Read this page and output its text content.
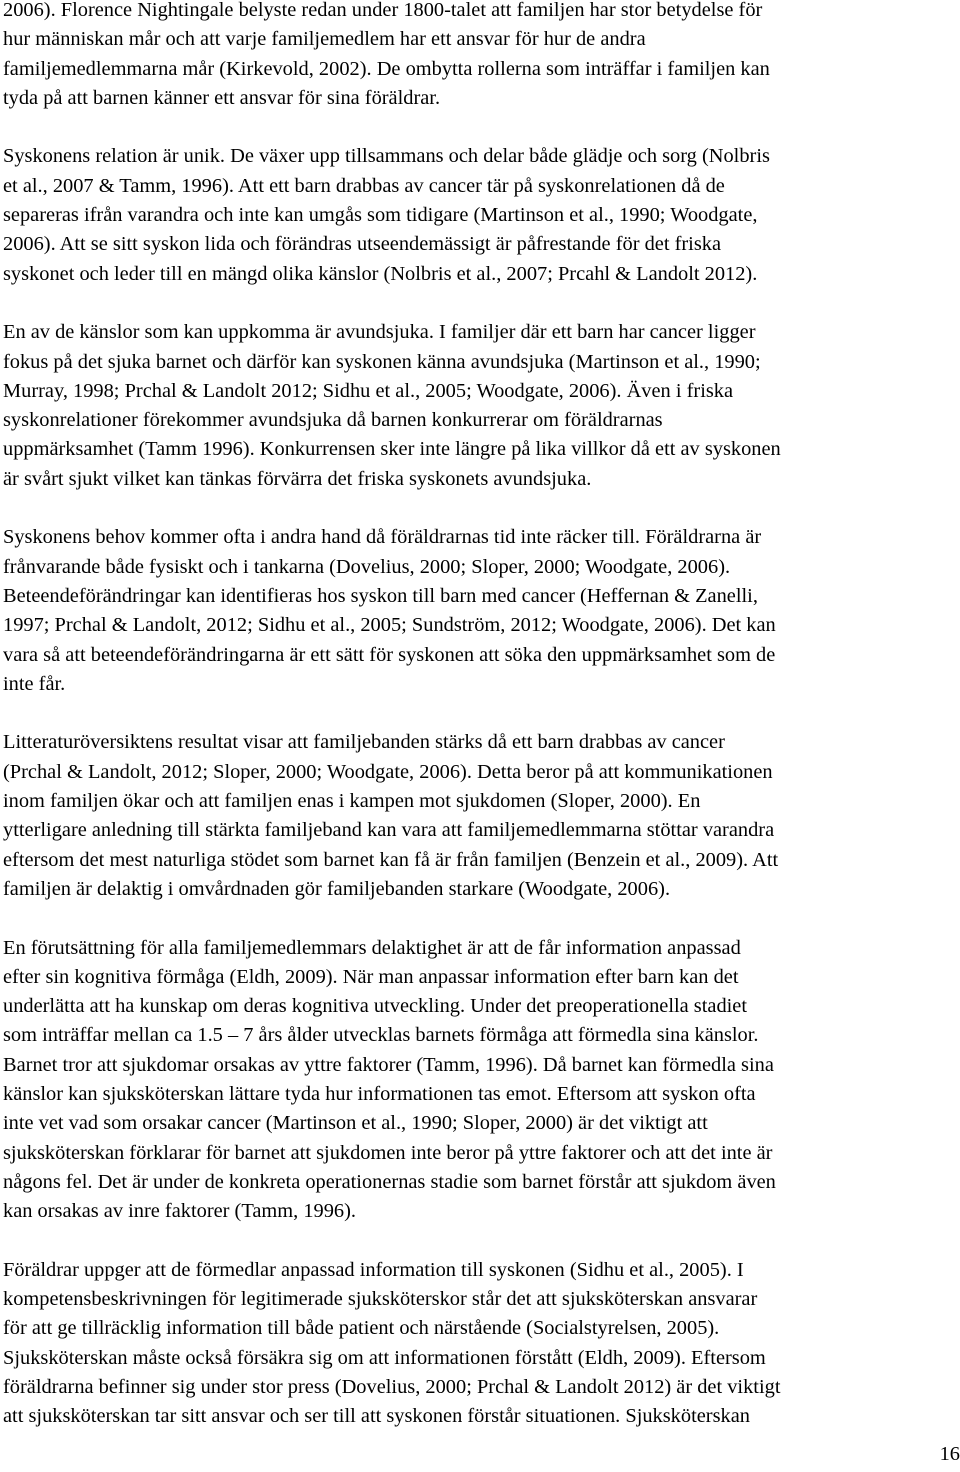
2006). Florence Nightingale belyste redan under 1800-talet att familjen har stor betydelse för
hur människan mår och att varje familjemedlem har ett ansvar för hur de andra
familjemedlemmarna mår (Kirkevold, 2002). De ombytta rollerna som inträffar i familjen kan
tyda på att barnen känner ett ansvar för sina föräldrar.

Syskonens relation är unik. De växer upp tillsammans och delar både glädje och sorg (Nolbris
et al., 2007 & Tamm, 1996). Att ett barn drabbas av cancer tär på syskonrelationen då de
separeras ifrån varandra och inte kan umgås som tidigare (Martinson et al., 1990; Woodgate,
2006). Att se sitt syskon lida och förändras utseendemässigt är påfrestande för det friska
syskonet och leder till en mängd olika känslor (Nolbris et al., 2007; Prcahl & Landolt 2012).

En av de känslor som kan uppkomma är avundsjuka. I familjer där ett barn har cancer ligger
fokus på det sjuka barnet och därför kan syskonen känna avundsjuka (Martinson et al., 1990;
Murray, 1998; Prchal & Landolt 2012; Sidhu et al., 2005; Woodgate, 2006). Även i friska
syskonrelationer förekommer avundsjuka då barnen konkurrerar om föräldrarnas
uppmärksamhet (Tamm 1996). Konkurrensen sker inte längre på lika villkor då ett av syskonen
är svårt sjukt vilket kan tänkas förvärra det friska syskonets avundsjuka.

Syskonens behov kommer ofta i andra hand då föräldrarnas tid inte räcker till. Föräldrarna är
frånvarande både fysiskt och i tankarna (Dovelius, 2000; Sloper, 2000; Woodgate, 2006).
Beteendeförändringar kan identifieras hos syskon till barn med cancer (Heffernan & Zanelli,
1997; Prchal & Landolt, 2012; Sidhu et al., 2005; Sundström, 2012; Woodgate, 2006). Det kan
vara så att beteendeförändringarna är ett sätt för syskonen att söka den uppmärksamhet som de
inte får.

Litteraturöversiktens resultat visar att familjebanden stärks då ett barn drabbas av cancer
(Prchal & Landolt, 2012; Sloper, 2000; Woodgate, 2006). Detta beror på att kommunikationen
inom familjen ökar och att familjen enas i kampen mot sjukdomen (Sloper, 2000). En
ytterligare anledning till stärkta familjeband kan vara att familjemedlemmarna stöttar varandra
eftersom det mest naturliga stödet som barnet kan få är från familjen (Benzein et al., 2009). Att
familjen är delaktig i omvårdnaden gör familjebanden starkare (Woodgate, 2006).

En förutsättning för alla familjemedlemmars delaktighet är att de får information anpassad
efter sin kognitiva förmåga (Eldh, 2009). När man anpassar information efter barn kan det
underlätta att ha kunskap om deras kognitiva utveckling. Under det preoperationella stadiet
som inträffar mellan ca 1.5 – 7 års ålder utvecklas barnets förmåga att förmedla sina känslor.
Barnet tror att sjukdomar orsakas av yttre faktorer (Tamm, 1996). Då barnet kan förmedla sina
känslor kan sjuksköterskan lättare tyda hur informationen tas emot. Eftersom att syskon ofta
inte vet vad som orsakar cancer (Martinson et al., 1990; Sloper, 2000) är det viktigt att
sjuksköterskan förklarar för barnet att sjukdomen inte beror på yttre faktorer och att det inte är
någons fel. Det är under de konkreta operationernas stadie som barnet förstår att sjukdom även
kan orsakas av inre faktorer (Tamm, 1996).

Föräldrar uppger att de förmedlar anpassad information till syskonen (Sidhu et al., 2005). I
kompetensbeskrivningen för legitimerade sjuksköterskor står det att sjuksköterskan ansvarar
för att ge tillräcklig information till både patient och närstående (Socialstyrelsen, 2005).
Sjuksköterskan måste också försäkra sig om att informationen förstått (Eldh, 2009). Eftersom
föräldrarna befinner sig under stor press (Dovelius, 2000; Prchal & Landolt 2012) är det viktigt
att sjuksköterskan tar sitt ansvar och ser till att syskonen förstår situationen. Sjuksköterskan

16
